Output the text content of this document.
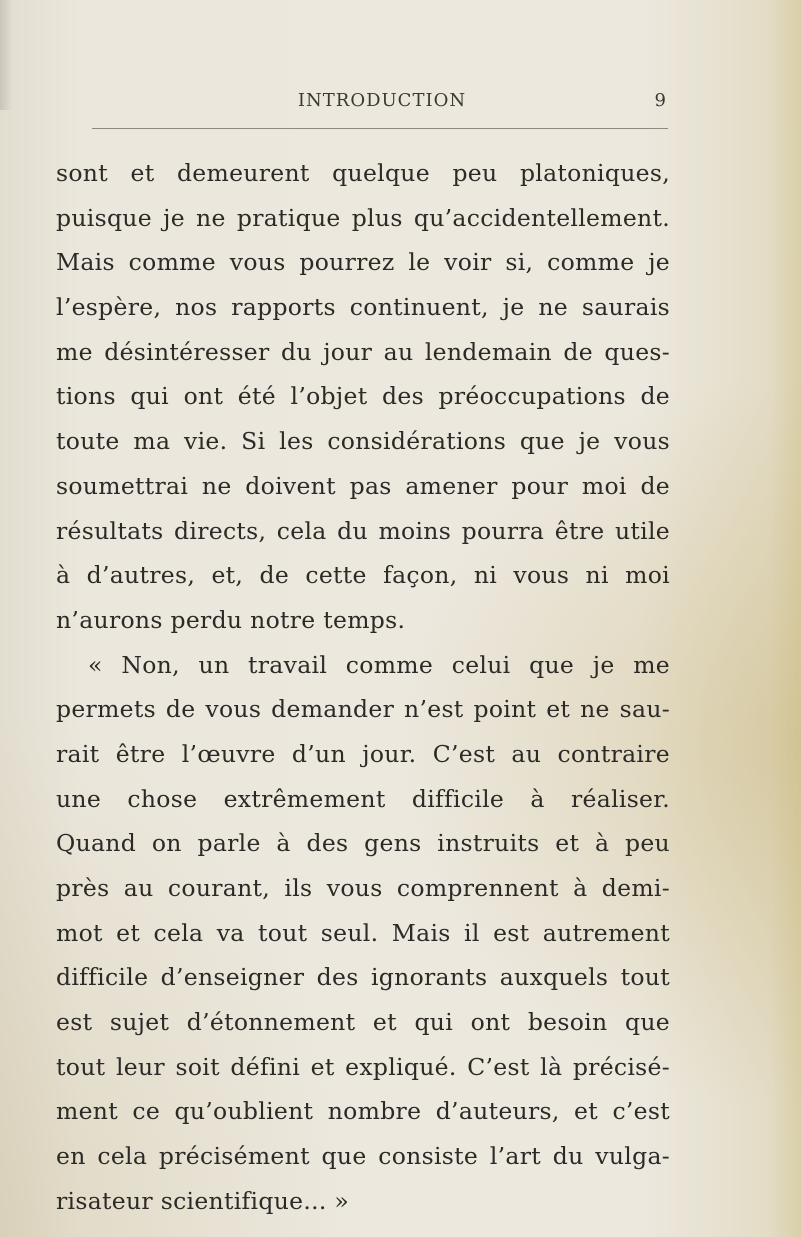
INTRODUCTION	9
sont et demeurent quelque peu platoniques,
puisque je ne pratique plus qu’accidentellement.
Mais comme vous pourrez le voir si, comme je
l’espère, nos rapports continuent, je ne saurais
me désintéresser du jour au lendemain de ques-
tions qui ont été l’objet des préoccupations de
toute ma vie. Si les considérations que je vous
soumettrai ne doivent pas amener pour moi de
résultats directs, cela du moins pourra être utile
à d’autres, et, de cette façon, ni vous ni moi
n’aurons perdu notre temps.
« Non, un travail comme celui que je me
permets de vous demander n’est point et ne sau-
rait être l’œuvre d’un jour. C’est au contraire
une chose extrêmement difficile à réaliser.
Quand on parle à des gens instruits et à peu
près au courant, ils vous comprennent à demi-
mot et cela va tout seul. Mais il est autrement
difficile d’enseigner des ignorants auxquels tout
est sujet d’étonnement et qui ont besoin que
tout leur soit défini et expliqué. C’est là précisé-
ment ce qu’oublient nombre d’auteurs, et c’est
en cela précisément que consiste l’art du vulga-
risateur scientifique... »
